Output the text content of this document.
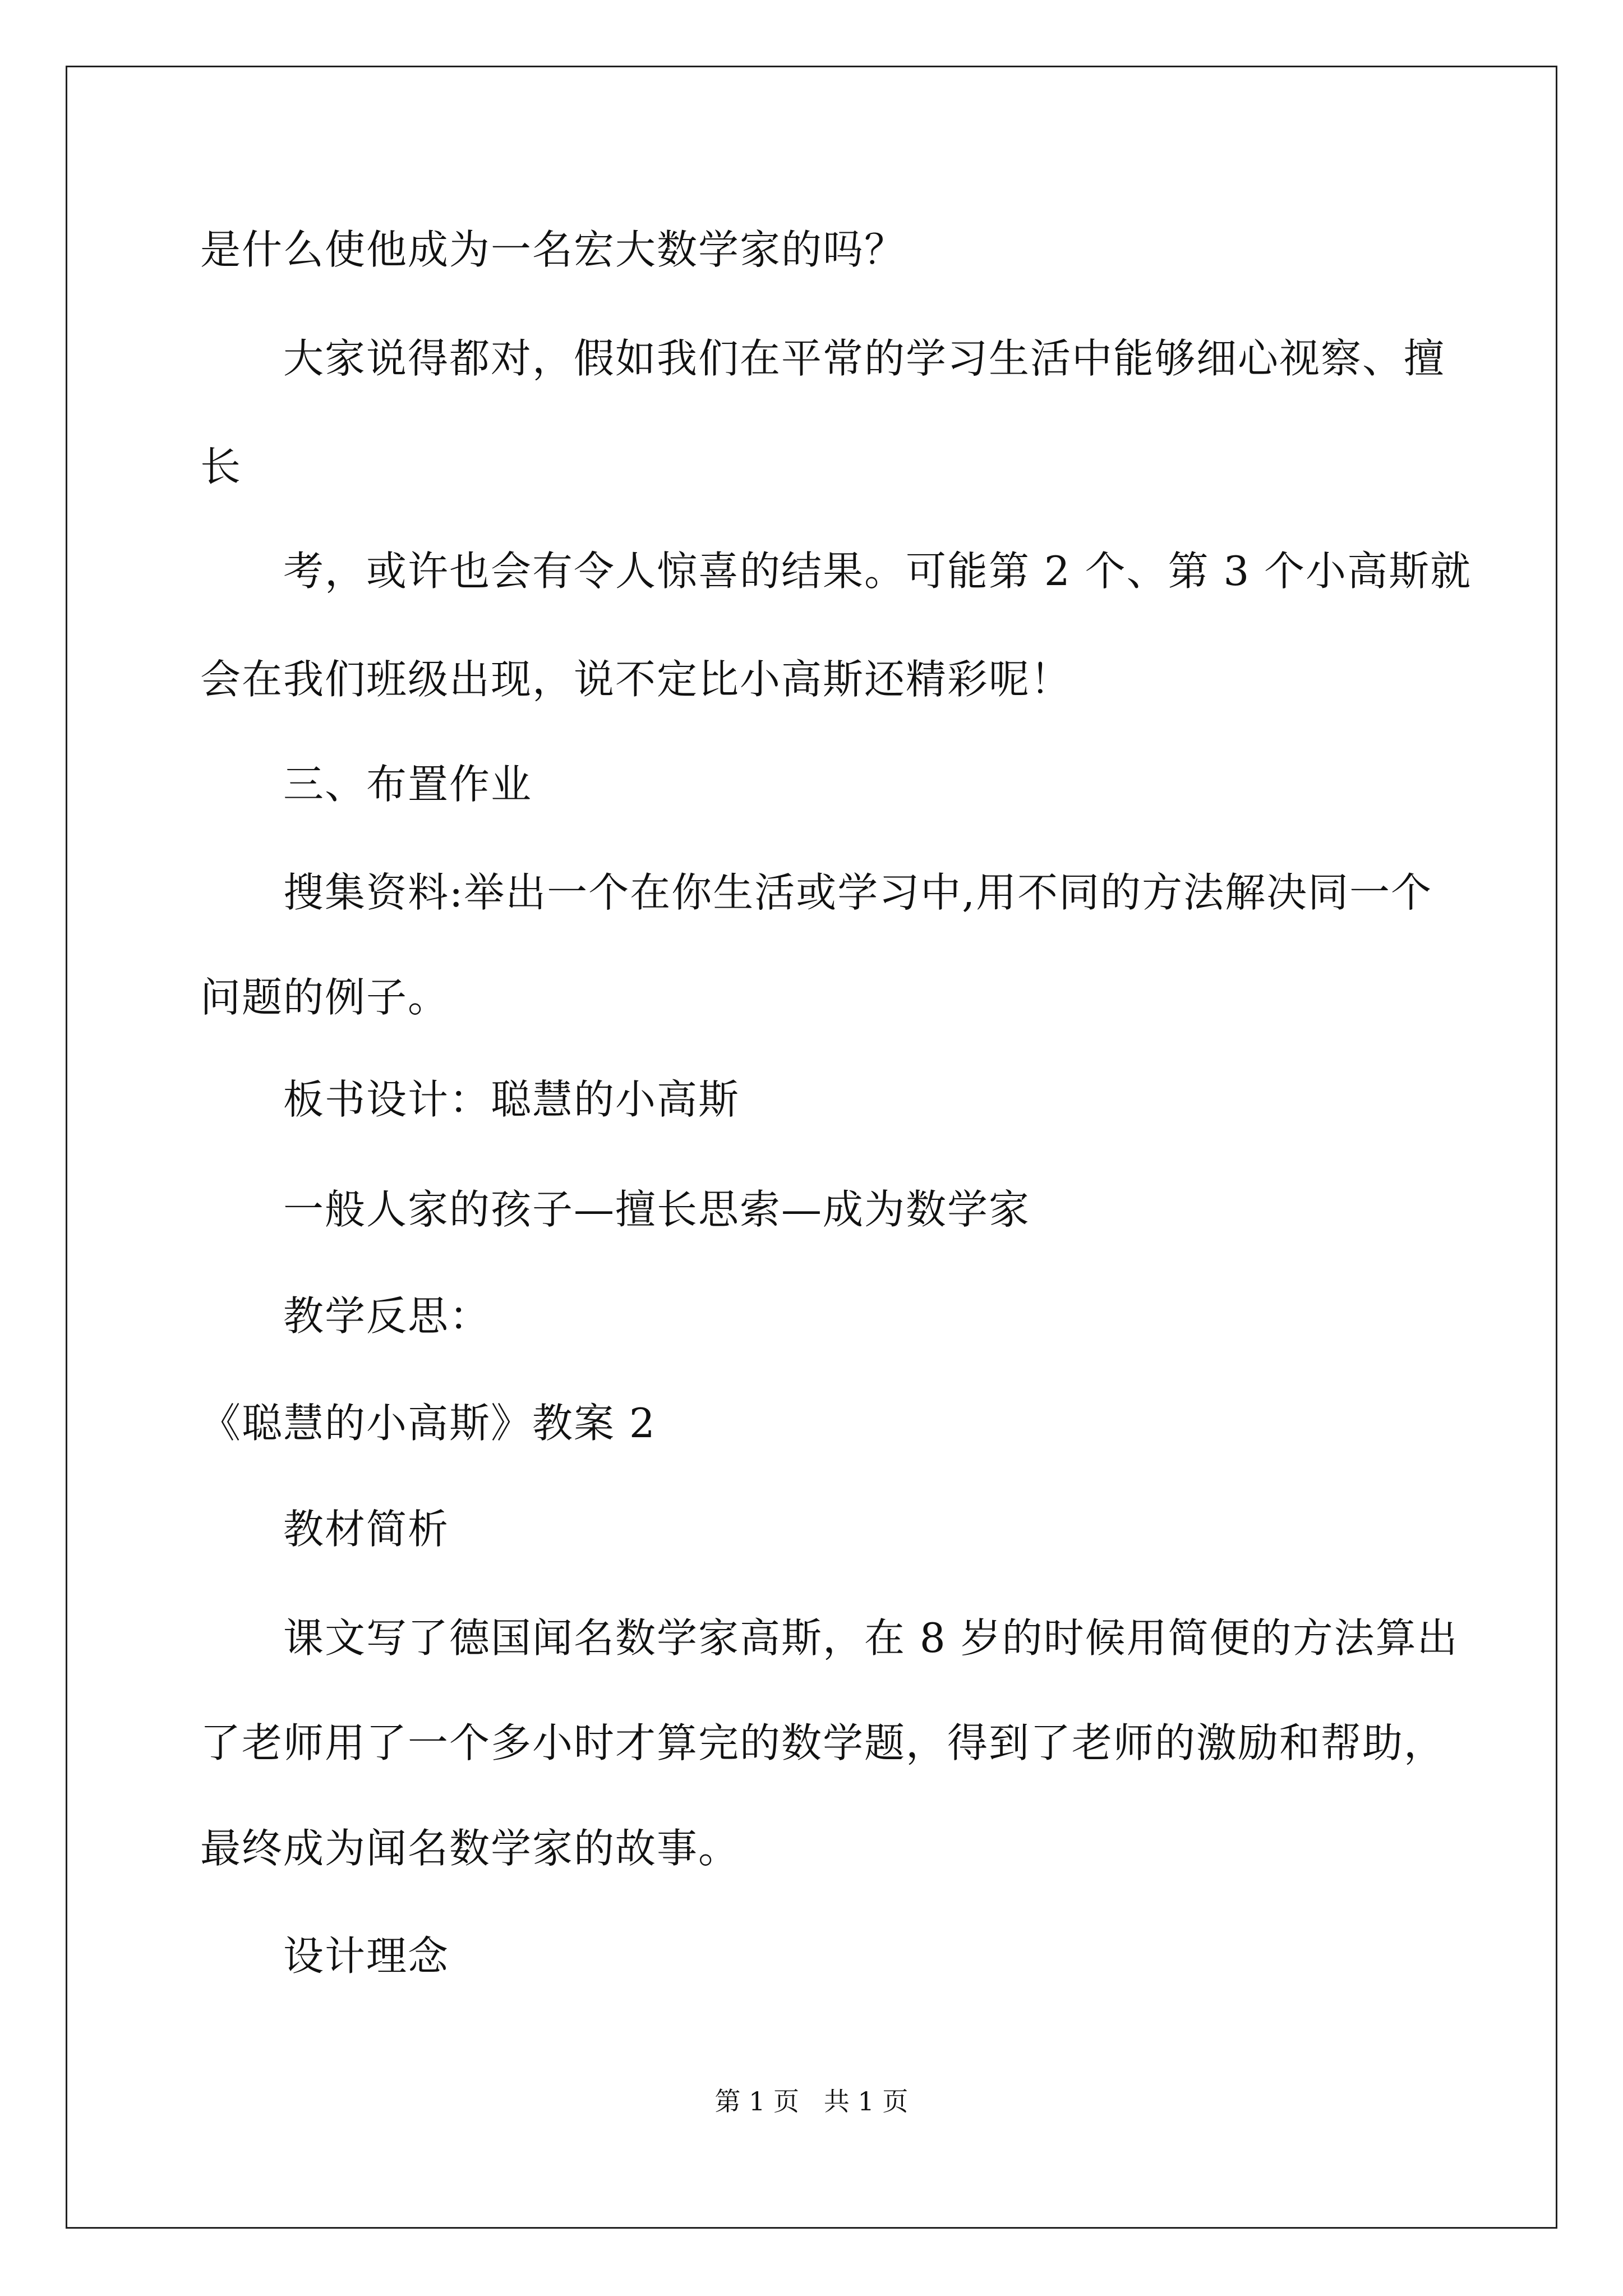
是什么使他成为一名宏大数学家的吗？
大家说得都对，假如我们在平常的学习生活中能够细心视察、擅
长
考，或许也会有令人惊喜的结果。可能第 2 个、第 3 个小高斯就
会在我们班级出现，说不定比小高斯还精彩呢！
三、布置作业
搜集资料:举出一个在你生活或学习中,用不同的方法解决同一个
问题的例子。
板书设计：聪慧的小高斯
一般人家的孩子—擅长思索—成为数学家
教学反思：
《聪慧的小高斯》教案 2
教材简析
课文写了德国闻名数学家高斯，在 8 岁的时候用简便的方法算出
了老师用了一个多小时才算完的数学题，得到了老师的激励和帮助，
最终成为闻名数学家的故事。
设计理念
第 1 页   共 1 页
